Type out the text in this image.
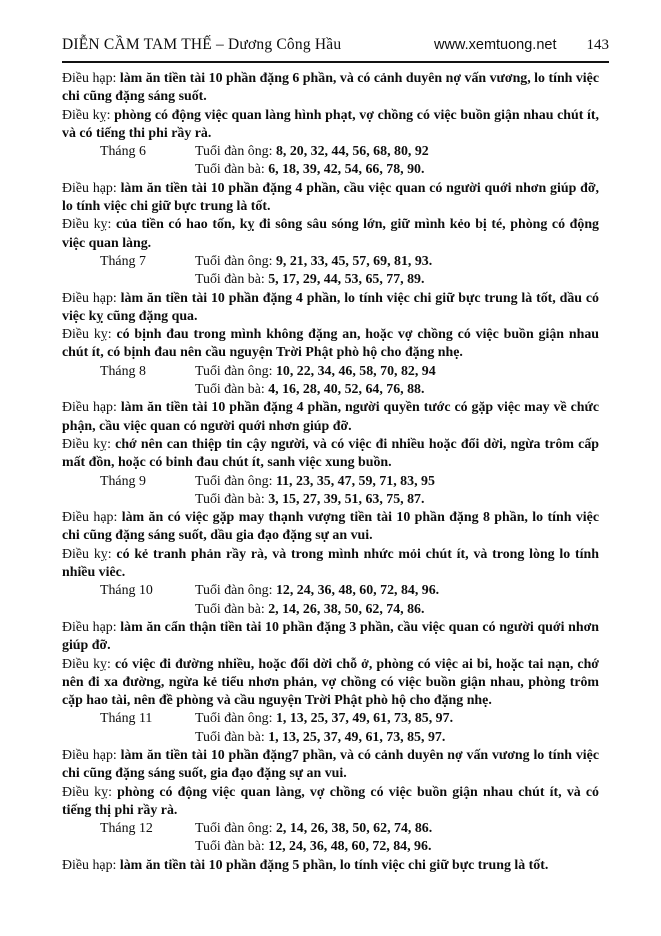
DIỄN CẦM TAM THẾ – Dương Công Hầu	www.xemtuong.net 143

Điều hạp: làm ăn tiền tài 10 phần đặng 6 phần, và có cảnh duyên nợ vấn vương, lo tính việc chi cũng đặng sáng suốt.

Điều kỵ: phòng có động việc quan làng hình phạt, vợ chồng có việc buồn giận nhau chút ít, và có tiếng thi phi rầy rà.

Tháng 6	Tuổi đàn ông: 8, 20, 32, 44, 56, 68, 80, 92
Tuổi đàn bà: 6, 18, 39, 42, 54, 66, 78, 90.

Điều hạp: làm ăn tiền tài 10 phần đặng 4 phần, cầu việc quan có người quới nhơn giúp đỡ, lo tính việc chi giữ bực trung là tốt.

Điều kỵ: của tiền có hao tốn, kỵ đi sông sâu sóng lớn, giữ mình kẻo bị té, phòng có động việc quan làng.

Tháng 7	Tuổi đàn ông: 9, 21, 33, 45, 57, 69, 81, 93.
Tuổi đàn bà: 5, 17, 29, 44, 53, 65, 77, 89.

Điều hạp: làm ăn tiền tài 10 phần đặng 4 phần, lo tính việc chi giữ bực trung là tốt, dầu có việc kỵ cũng đặng qua.

Điều kỵ: có bịnh đau trong mình không đặng an, hoặc vợ chồng có việc buồn giận nhau chút ít, có bịnh đau nên cầu nguyện Trời Phật phò hộ cho đặng nhẹ.

Tháng 8	Tuổi đàn ông: 10, 22, 34, 46, 58, 70, 82, 94
Tuổi đàn bà: 4, 16, 28, 40, 52, 64, 76, 88.

Điều hạp: làm ăn tiền tài 10 phần đặng 4 phần, người quyền tước có gặp việc may về chức phận, cầu việc quan có người quới nhơn giúp đỡ.

Điều kỵ: chớ nên can thiệp tin cậy người, và có việc đi nhiều hoặc đổi dời, ngừa trôm cấp mất đồn, hoặc có binh đau chút ít, sanh việc xung buồn.

Tháng 9	Tuổi đàn ông: 11, 23, 35, 47, 59, 71, 83, 95
Tuổi đàn bà: 3, 15, 27, 39, 51, 63, 75, 87.

Điều hạp: làm ăn có việc gặp may thạnh vượng tiền tài 10 phần đặng 8 phần, lo tính việc chi cũng đặng sáng suốt, dầu gia đạo đặng sự an vui.

Điều kỵ: có kẻ tranh phản rầy rà, và trong mình nhức mỏi chút ít, và trong lòng lo tính nhiều viêc.

Tháng 10	Tuổi đàn ông: 12, 24, 36, 48, 60, 72, 84, 96.
Tuổi đàn bà: 2, 14, 26, 38, 50, 62, 74, 86.

Điều hạp: làm ăn cẩn thận tiền tài 10 phần đặng 3 phần, cầu việc quan có người quới nhơn giúp đỡ.

Điều kỵ: có việc đi đường nhiều, hoặc đổi dời chỗ ở, phòng có việc ai bi, hoặc tai nạn, chớ nên đi xa đường, ngừa kẻ tiểu nhơn phản, vợ chồng có việc buồn giận nhau, phòng trôm cặp hao tài, nên đề phòng và cầu nguyện Trời Phật phò hộ cho đặng nhẹ.

Tháng 11	Tuổi đàn ông: 1, 13, 25, 37, 49, 61, 73, 85, 97.
Tuổi đàn bà: 1, 13, 25, 37, 49, 61, 73, 85, 97.

Điều hạp: làm ăn tiền tài 10 phần đặng7 phần, và có cảnh duyên nợ vấn vương lo tính việc chi cũng đặng sáng suốt, gia đạo đặng sự an vui.

Điều kỵ: phòng có động việc quan làng, vợ chồng có việc buồn giận nhau chút ít, và có tiếng thị phi rầy rà.

Tháng 12	Tuổi đàn ông: 2, 14, 26, 38, 50, 62, 74, 86.
Tuổi đàn bà: 12, 24, 36, 48, 60, 72, 84, 96.

Điều hạp: làm ăn tiền tài 10 phần đặng 5 phần, lo tính việc chi giữ bực trung là tốt.
